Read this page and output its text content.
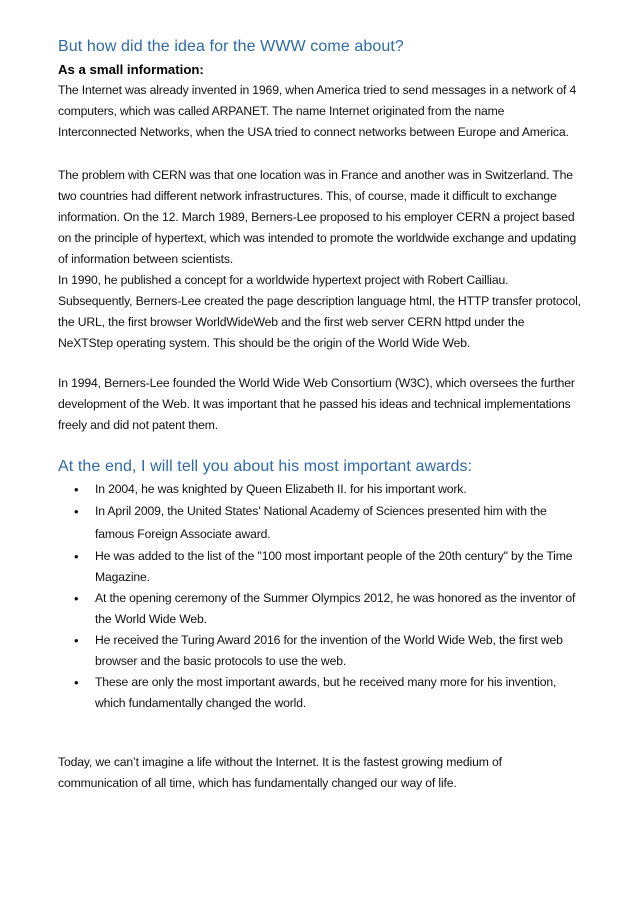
But how did the idea for the WWW come about?
As a small information:

The Internet was already invented in 1969, when America tried to send messages in a network of 4 computers, which was called ARPANET. The name Internet originated from the name Interconnected Networks, when the USA tried to connect networks between Europe and America.

The problem with CERN was that one location was in France and another was in Switzerland. The two countries had different network infrastructures. This, of course, made it difficult to exchange information. On the 12. March 1989, Berners-Lee proposed to his employer CERN a project based on the principle of hypertext, which was intended to promote the worldwide exchange and updating of information between scientists.

In 1990, he published a concept for a worldwide hypertext project with Robert Cailliau. Subsequently, Berners-Lee created the page description language html, the HTTP transfer protocol, the URL, the first browser WorldWideWeb and the first web server CERN httpd under the NeXTStep operating system. This should be the origin of the World Wide Web.

In 1994, Berners-Lee founded the World Wide Web Consortium (W3C), which oversees the further development of the Web. It was important that he passed his ideas and technical implementations freely and did not patent them.

At the end, I will tell you about his most important awards:
• In 2004, he was knighted by Queen Elizabeth II. for his important work.
• In April 2009, the United States' National Academy of Sciences presented him with the famous Foreign Associate award.
• He was added to the list of the "100 most important people of the 20th century" by the Time Magazine.
• At the opening ceremony of the Summer Olympics 2012, he was honored as the inventor of the World Wide Web.
• He received the Turing Award 2016 for the invention of the World Wide Web, the first web browser and the basic protocols to use the web.
• These are only the most important awards, but he received many more for his invention, which fundamentally changed the world.

Today, we can’t imagine a life without the Internet. It is the fastest growing medium of communication of all time, which has fundamentally changed our way of life.
